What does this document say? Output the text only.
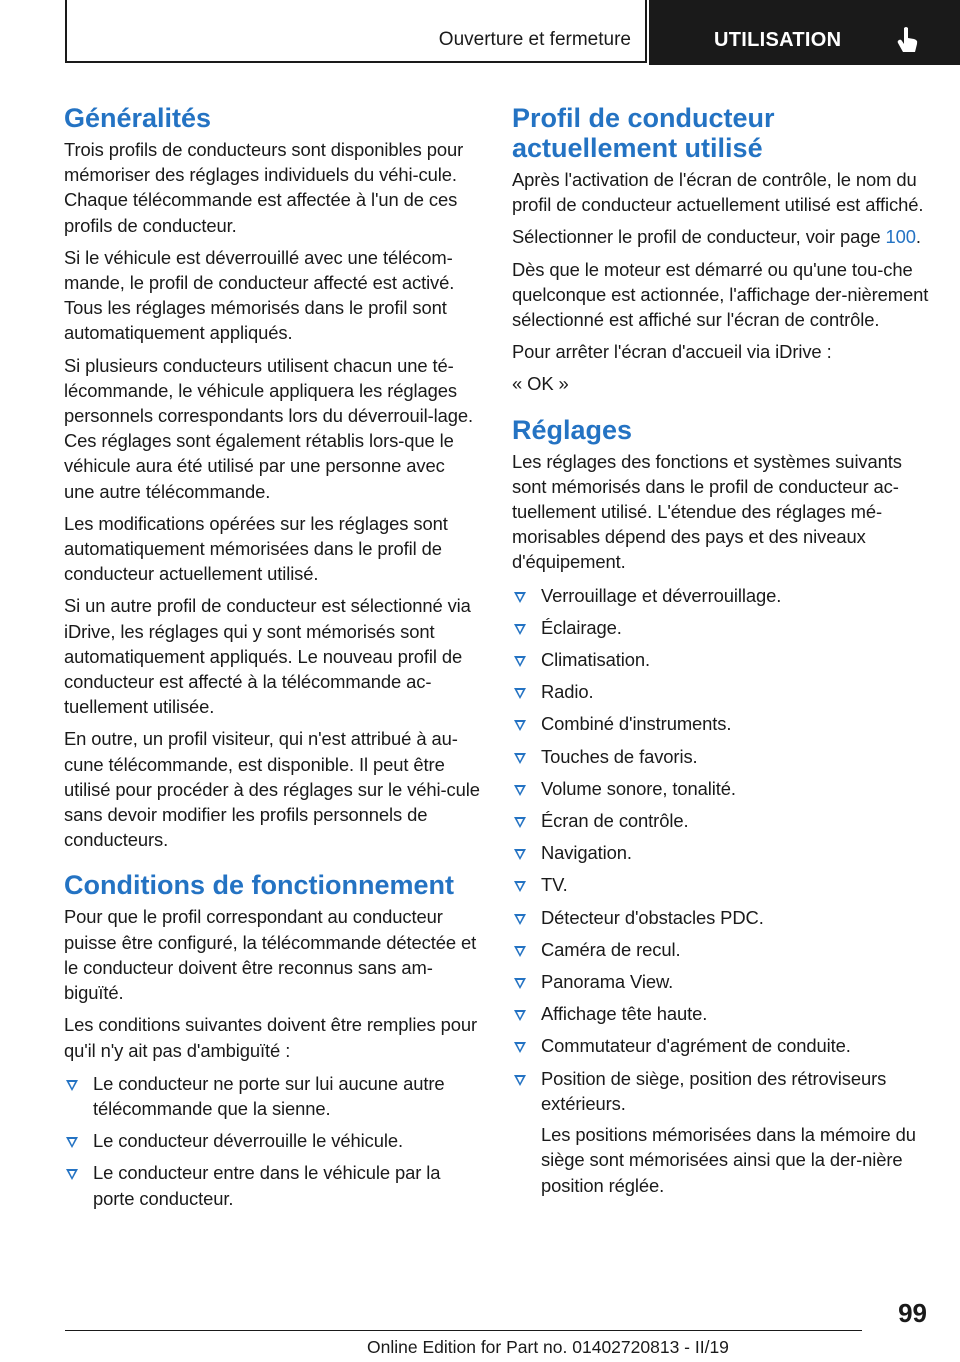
Ouverture et fermeture	UTILISATION
Généralités

Trois profils de conducteurs sont disponibles pour mémoriser des réglages individuels du véhi-cule. Chaque télécommande est affectée à l'un de ces profils de conducteur.

Si le véhicule est déverrouillé avec une télécom-mande, le profil de conducteur affecté est activé. Tous les réglages mémorisés dans le profil sont automatiquement appliqués.

Si plusieurs conducteurs utilisent chacun une té-lécommande, le véhicule appliquera les réglages personnels correspondants lors du déverrouil-lage. Ces réglages sont également rétablis lors-que le véhicule aura été utilisé par une personne avec une autre télécommande.

Les modifications opérées sur les réglages sont automatiquement mémorisées dans le profil de conducteur actuellement utilisé.

Si un autre profil de conducteur est sélectionné via iDrive, les réglages qui y sont mémorisés sont automatiquement appliqués. Le nouveau profil de conducteur est affecté à la télécommande ac-tuellement utilisée.

En outre, un profil visiteur, qui n'est attribué à au-cune télécommande, est disponible. Il peut être utilisé pour procéder à des réglages sur le véhi-cule sans devoir modifier les profils personnels de conducteurs.

Conditions de fonctionnement

Pour que le profil correspondant au conducteur puisse être configuré, la télécommande détectée et le conducteur doivent être reconnus sans am-biguïté.

Les conditions suivantes doivent être remplies pour qu'il n'y ait pas d'ambiguïté :

Le conducteur ne porte sur lui aucune autre télécommande que la sienne.
Le conducteur déverrouille le véhicule.
Le conducteur entre dans le véhicule par la porte conducteur.
Profil de conducteur actuellement utilisé

Après l'activation de l'écran de contrôle, le nom du profil de conducteur actuellement utilisé est affiché.

Sélectionner le profil de conducteur, voir page 100.

Dès que le moteur est démarré ou qu'une tou-che quelconque est actionnée, l'affichage der-nièrement sélectionné est affiché sur l'écran de contrôle.

Pour arrêter l'écran d'accueil via iDrive :

« OK »

Réglages

Les réglages des fonctions et systèmes suivants sont mémorisés dans le profil de conducteur ac-tuellement utilisé. L'étendue des réglages mé-morisables dépend des pays et des niveaux d'équipement.

Verrouillage et déverrouillage.
Éclairage.
Climatisation.
Radio.
Combiné d'instruments.
Touches de favoris.
Volume sonore, tonalité.
Écran de contrôle.
Navigation.
TV.
Détecteur d'obstacles PDC.
Caméra de recul.
Panorama View.
Affichage tête haute.
Commutateur d'agrément de conduite.
Position de siège, position des rétroviseurs extérieurs.
Les positions mémorisées dans la mémoire du siège sont mémorisées ainsi que la der-nière position réglée.
99
Online Edition for Part no. 01402720813 - II/19
